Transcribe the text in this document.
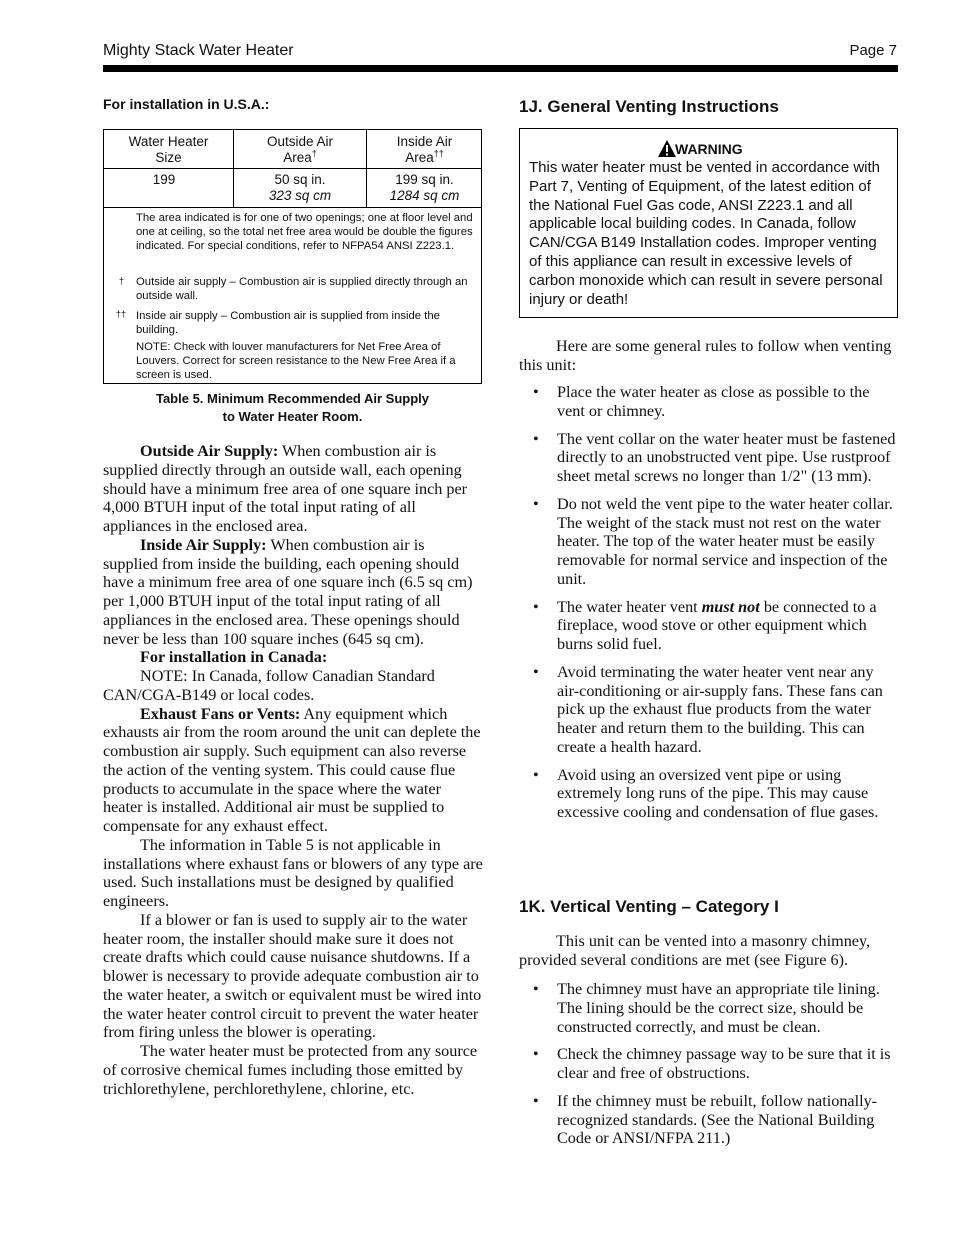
Mighty Stack Water Heater	Page 7
For installation in U.S.A.:
Water Heater
Size
Outside Air
Area†
Inside Air
Area††
199	50 sq in.
323 sq cm
199 sq in.
1284 sq cm
The area indicated is for one of two openings; one at floor level and one at ceiling, so the total net free area would be double the figures indicated. For special conditions, refer to NFPA54 ANSI Z223.1.
† Outside air supply – Combustion air is supplied directly through an outside wall.
†† Inside air supply – Combustion air is supplied from inside the building.
NOTE: Check with louver manufacturers for Net Free Area of Louvers. Correct for screen resistance to the New Free Area if a screen is used.
Table 5. Minimum Recommended Air Supply
to Water Heater Room.

Outside Air Supply: When combustion air is supplied directly through an outside wall, each opening should have a minimum free area of one square inch per 4,000 BTUH input of the total input rating of all appliances in the enclosed area.

Inside Air Supply: When combustion air is supplied from inside the building, each opening should have a minimum free area of one square inch (6.5 sq cm) per 1,000 BTUH input of the total input rating of all appliances in the enclosed area. These openings should never be less than 100 square inches (645 sq cm).

For installation in Canada:

NOTE: In Canada, follow Canadian Standard CAN/CGA-B149 or local codes.

Exhaust Fans or Vents: Any equipment which exhausts air from the room around the unit can deplete the combustion air supply. Such equipment can also reverse the action of the venting system. This could cause flue products to accumulate in the space where the water heater is installed. Additional air must be supplied to compensate for any exhaust effect.

The information in Table 5 is not applicable in installations where exhaust fans or blowers of any type are used. Such installations must be designed by qualified engineers.

If a blower or fan is used to supply air to the water heater room, the installer should make sure it does not create drafts which could cause nuisance shutdowns. If a blower is necessary to provide adequate combustion air to the water heater, a switch or equivalent must be wired into the water heater control circuit to prevent the water heater from firing unless the blower is operating.

The water heater must be protected from any source of corrosive chemical fumes including those emitted by trichlorethylene, perchlorethylene, chlorine, etc.

1J. General Venting Instructions
WARNING
This water heater must be vented in accordance with Part 7, Venting of Equipment, of the latest edition of the National Fuel Gas code, ANSI Z223.1 and all applicable local building codes. In Canada, follow CAN/CGA B149 Installation codes. Improper venting of this appliance can result in excessive levels of carbon monoxide which can result in severe personal injury or death!

Here are some general rules to follow when venting this unit:

• Place the water heater as close as possible to the vent or chimney.
• The vent collar on the water heater must be fastened directly to an unobstructed vent pipe. Use rustproof sheet metal screws no longer than 1/2" (13 mm).
• Do not weld the vent pipe to the water heater collar. The weight of the stack must not rest on the water heater. The top of the water heater must be easily removable for normal service and inspection of the unit.
• The water heater vent must not be connected to a fireplace, wood stove or other equipment which burns solid fuel.
• Avoid terminating the water heater vent near any air-conditioning or air-supply fans. These fans can pick up the exhaust flue products from the water heater and return them to the building. This can create a health hazard.
• Avoid using an oversized vent pipe or using extremely long runs of the pipe. This may cause excessive cooling and condensation of flue gases.
1K. Vertical Venting – Category I

This unit can be vented into a masonry chimney, provided several conditions are met (see Figure 6).

• The chimney must have an appropriate tile lining. The lining should be the correct size, should be constructed correctly, and must be clean.
• Check the chimney passage way to be sure that it is clear and free of obstructions.
• If the chimney must be rebuilt, follow nationally-recognized standards. (See the National Building Code or ANSI/NFPA 211.)
